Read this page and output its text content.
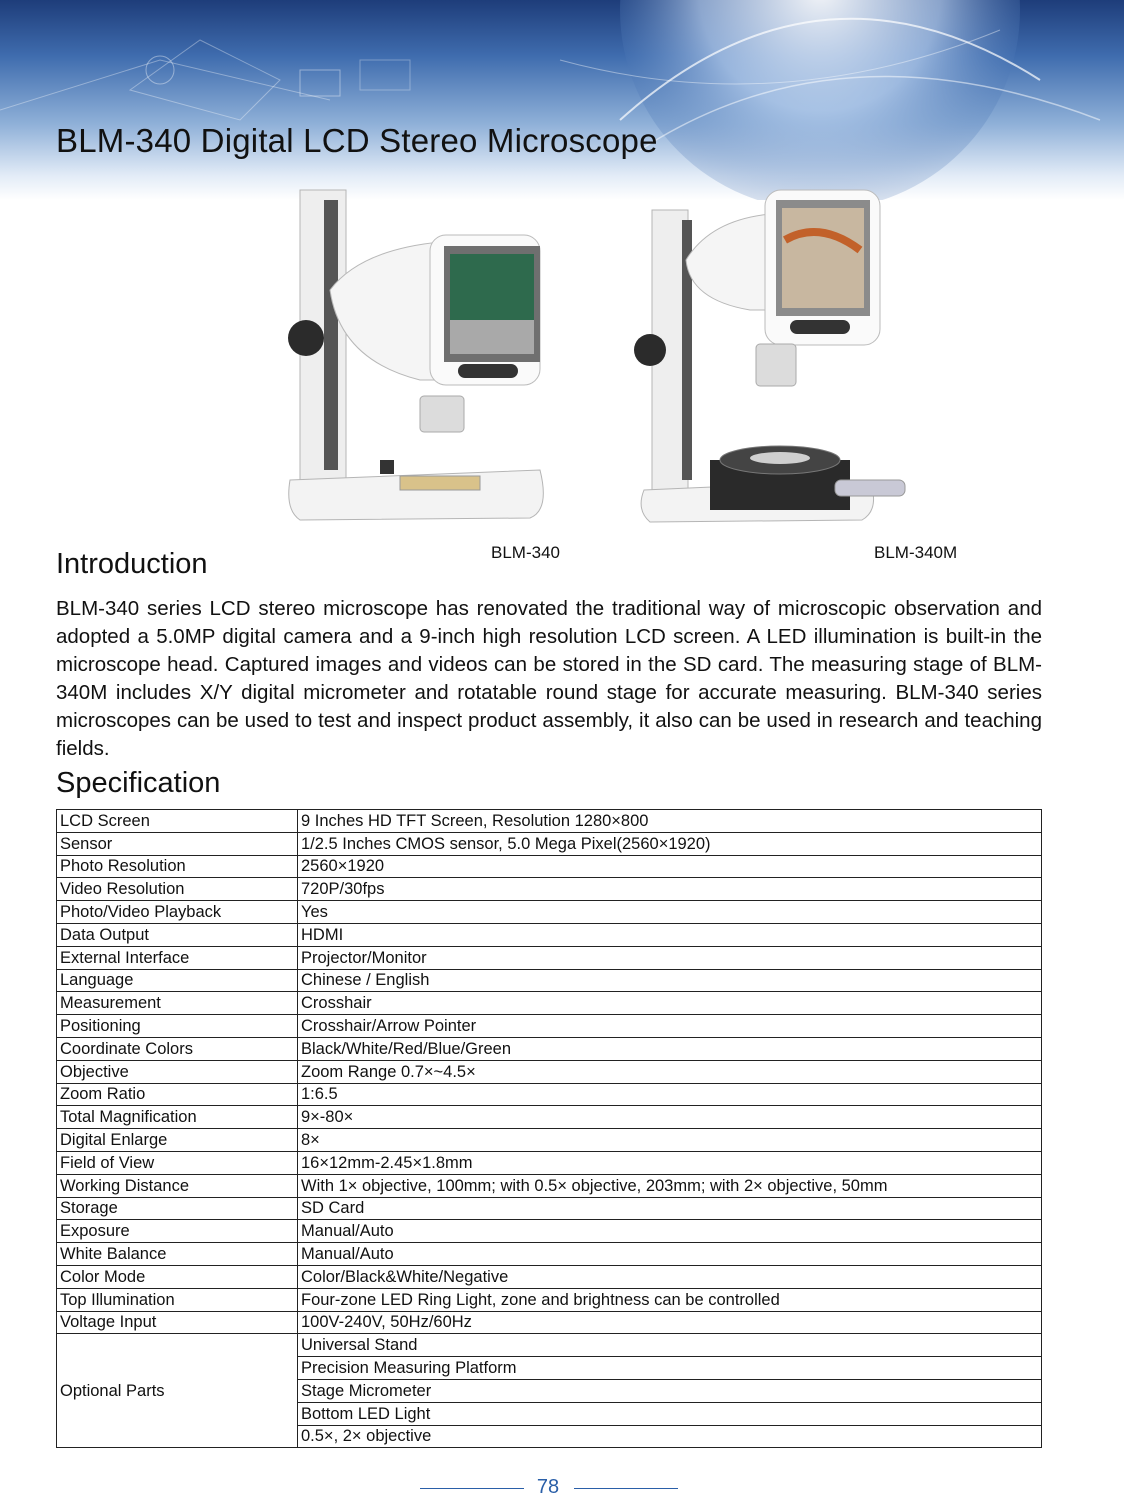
BLM-340 Digital LCD Stereo Microscope
BLM-340	BLM-340M
Introduction

BLM-340 series LCD stereo microscope has renovated the traditional way of microscopic observation and adopted a 5.0MP digital camera and a 9-inch high resolution LCD screen. A LED illumination is built-in the microscope head. Captured images and videos can be stored in the SD card. The measuring stage of BLM-340M includes X/Y digital micrometer and rotatable round stage for accurate measuring. BLM-340 series microscopes can be used to test and inspect product assembly, it also can be used in research and teaching fields.

Specification
LCD Screen	9 Inches HD TFT Screen, Resolution 1280×800
Sensor	1/2.5 Inches CMOS sensor, 5.0 Mega Pixel(2560×1920)
Photo Resolution	2560×1920
Video Resolution	720P/30fps
Photo/Video Playback	Yes
Data Output	HDMI
External Interface	Projector/Monitor
Language	Chinese / English
Measurement	Crosshair
Positioning	Crosshair/Arrow Pointer
Coordinate Colors	Black/White/Red/Blue/Green
Objective	Zoom Range 0.7×~4.5×
Zoom Ratio	1:6.5
Total Magnification	9×-80×
Digital Enlarge	8×
Field of View	16×12mm-2.45×1.8mm
Working Distance	With 1× objective, 100mm; with 0.5× objective, 203mm; with 2× objective, 50mm
Storage	SD Card
Exposure	Manual/Auto
White Balance	Manual/Auto
Color Mode	Color/Black&White/Negative
Top Illumination	Four-zone LED Ring Light, zone and brightness can be controlled
Voltage Input	100V-240V, 50Hz/60Hz
Optional Parts	Universal Stand
	Precision Measuring Platform
	Stage Micrometer
	Bottom LED Light
	0.5×, 2× objective
78
